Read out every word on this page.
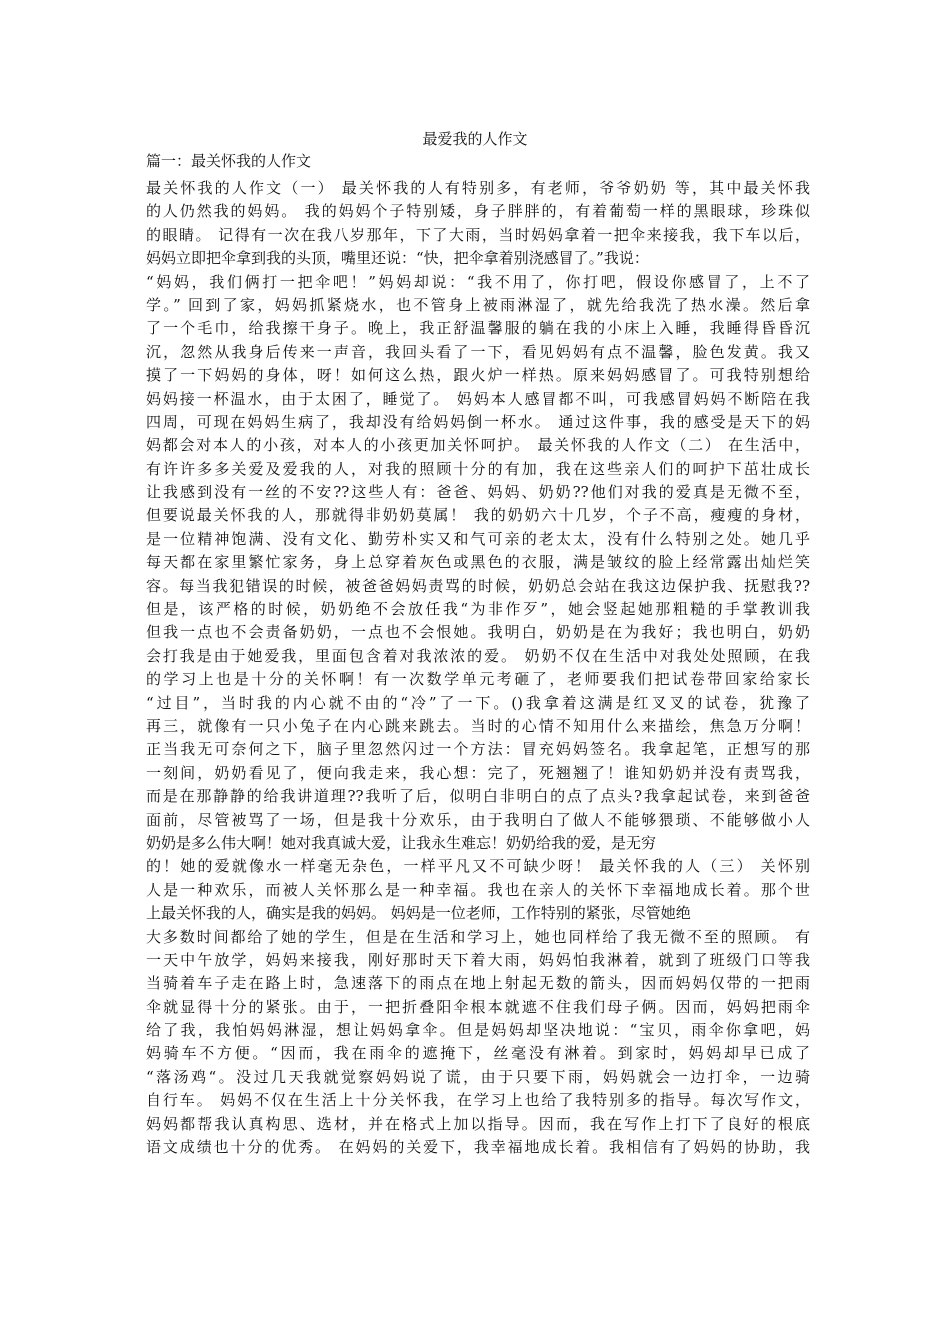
最爱我的人作文
篇一：最关怀我的人作文
最关怀我的人作文（一） 最关怀我的人有特别多，有老师，爷爷奶奶 等，其中最关怀我
的人仍然我的妈妈。 我的妈妈个子特别矮，身子胖胖的，有着葡萄一样的黑眼球，珍珠似
的眼睛。 记得有一次在我八岁那年，下了大雨，当时妈妈拿着一把伞来接我，我下车以后，
妈妈立即把伞拿到我的头顶，嘴里还说：“快，把伞拿着别浇感冒了。”我说：
“妈妈，我们俩打一把伞吧！”妈妈却说：“我不用了，你打吧，假设你感冒了，上不了
学。” 回到了家，妈妈抓紧烧水，也不管身上被雨淋湿了，就先给我洗了热水澡。然后拿
了一个毛巾，给我擦干身子。晚上，我正舒温馨服的躺在我的小床上入睡，我睡得昏昏沉
沉，忽然从我身后传来一声音，我回头看了一下，看见妈妈有点不温馨，脸色发黄。我又
摸了一下妈妈的身体，呀！如何这么热，跟火炉一样热。原来妈妈感冒了。可我特别想给
妈妈接一杯温水，由于太困了，睡觉了。 妈妈本人感冒都不叫，可我感冒妈妈不断陪在我
四周，可现在妈妈生病了，我却没有给妈妈倒一杯水。 通过这件事，我的感受是天下的妈
妈都会对本人的小孩，对本人的小孩更加关怀呵护。 最关怀我的人作文（二） 在生活中，
有许许多多关爱及爱我的人，对我的照顾十分的有加，我在这些亲人们的呵护下茁壮成长
让我感到没有一丝的不安??这些人有：爸爸、妈妈、奶奶??他们对我的爱真是无微不至，
但要说最关怀我的人，那就得非奶奶莫属！ 我的奶奶六十几岁，个子不高，瘦瘦的身材，
是一位精神饱满、没有文化、勤劳朴实又和气可亲的老太太，没有什么特别之处。她几乎
每天都在家里繁忙家务，身上总穿着灰色或黑色的衣服，满是皱纹的脸上经常露出灿烂笑
容。每当我犯错误的时候，被爸爸妈妈责骂的时候，奶奶总会站在我这边保护我、抚慰我??
但是，该严格的时候，奶奶绝不会放任我“为非作歹”，她会竖起她那粗糙的手掌教训我
但我一点也不会责备奶奶，一点也不会恨她。我明白，奶奶是在为我好；我也明白，奶奶
会打我是由于她爱我，里面包含着对我浓浓的爱。 奶奶不仅在生活中对我处处照顾，在我
的学习上也是十分的关怀啊！有一次数学单元考砸了，老师要我们把试卷带回家给家长
“过目”，当时我的内心就不由的“冷”了一下。()我拿着这满是红叉叉的试卷，犹豫了
再三，就像有一只小兔子在内心跳来跳去。当时的心情不知用什么来描绘，焦急万分啊！
正当我无可奈何之下，脑子里忽然闪过一个方法：冒充妈妈签名。我拿起笔，正想写的那
一刻间，奶奶看见了，便向我走来，我心想：完了，死翘翘了！谁知奶奶并没有责骂我，
而是在那静静的给我讲道理??我听了后，似明白非明白的点了点头?我拿起试卷，来到爸爸
面前，尽管被骂了一场，但是我十分欢乐，由于我明白了做人不能够猥琐、不能够做小人
奶奶是多么伟大啊！她对我真诚大爱，让我永生难忘！奶奶给我的爱，是无穷
的！她的爱就像水一样毫无杂色，一样平凡又不可缺少呀！ 最关怀我的人（三） 关怀别
人是一种欢乐，而被人关怀那么是一种幸福。我也在亲人的关怀下幸福地成长着。那个世
上最关怀我的人，确实是我的妈妈。 妈妈是一位老师，工作特别的紧张，尽管她绝
大多数时间都给了她的学生，但是在生活和学习上，她也同样给了我无微不至的照顾。 有
一天中午放学，妈妈来接我，刚好那时天下着大雨，妈妈怕我淋着，就到了班级门口等我
当骑着车子走在路上时，急速落下的雨点在地上射起无数的箭头，因而妈妈仅带的一把雨
伞就显得十分的紧张。由于，一把折叠阳伞根本就遮不住我们母子俩。因而，妈妈把雨伞
给了我，我怕妈妈淋湿，想让妈妈拿伞。但是妈妈却坚决地说：“宝贝，雨伞你拿吧，妈
妈骑车不方便。“因而，我在雨伞的遮掩下，丝毫没有淋着。到家时，妈妈却早已成了
“落汤鸡“。没过几天我就觉察妈妈说了谎，由于只要下雨，妈妈就会一边打伞，一边骑
自行车。 妈妈不仅在生活上十分关怀我，在学习上也给了我特别多的指导。每次写作文，
妈妈都帮我认真构思、选材，并在格式上加以指导。因而，我在写作上打下了良好的根底
语文成绩也十分的优秀。 在妈妈的关爱下，我幸福地成长着。我相信有了妈妈的协助，我
